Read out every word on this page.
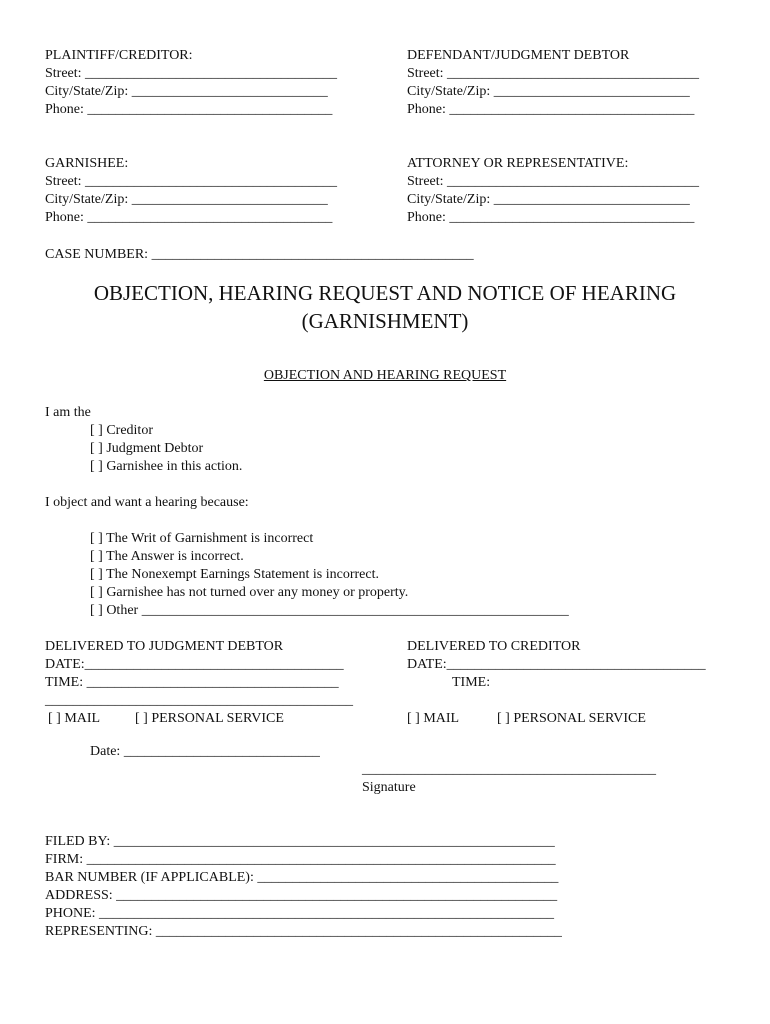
PLAINTIFF/CREDITOR:
Street: ____________________________________
City/State/Zip: ____________________________
Phone: ___________________________________
DEFENDANT/JUDGMENT DEBTOR
Street: ____________________________________
City/State/Zip: ____________________________
Phone: ___________________________________
GARNISHEE:
Street: ____________________________________
City/State/Zip: ____________________________
Phone: ___________________________________
ATTORNEY OR REPRESENTATIVE:
Street: ____________________________________
City/State/Zip: ____________________________
Phone: ___________________________________
CASE NUMBER: ______________________________________________
OBJECTION, HEARING REQUEST AND NOTICE OF HEARING
(GARNISHMENT)
OBJECTION AND HEARING REQUEST
I am the
[ ] Creditor
[ ] Judgment Debtor
[ ] Garnishee in this action.
I object and want a hearing because:
[ ] The Writ of Garnishment is incorrect
[ ] The Answer is incorrect.
[ ] The Nonexempt Earnings Statement is incorrect.
[ ] Garnishee has not turned over any money or property.
[ ] Other _____________________________________________________________
DELIVERED TO JUDGMENT DEBTOR
DATE:_____________________________________
TIME: ____________________________________
____________________________________________
[ ] MAIL [ ] PERSONAL SERVICE
DELIVERED TO CREDITOR
DATE:_____________________________________
TIME:
[ ] MAIL	[ ] PERSONAL SERVICE
Date: ____________________________
__________________________________________
Signature
FILED BY: _______________________________________________________________
FIRM: ___________________________________________________________________
BAR NUMBER (IF APPLICABLE): ___________________________________________
ADDRESS: _______________________________________________________________
PHONE: _________________________________________________________________
REPRESENTING: __________________________________________________________
